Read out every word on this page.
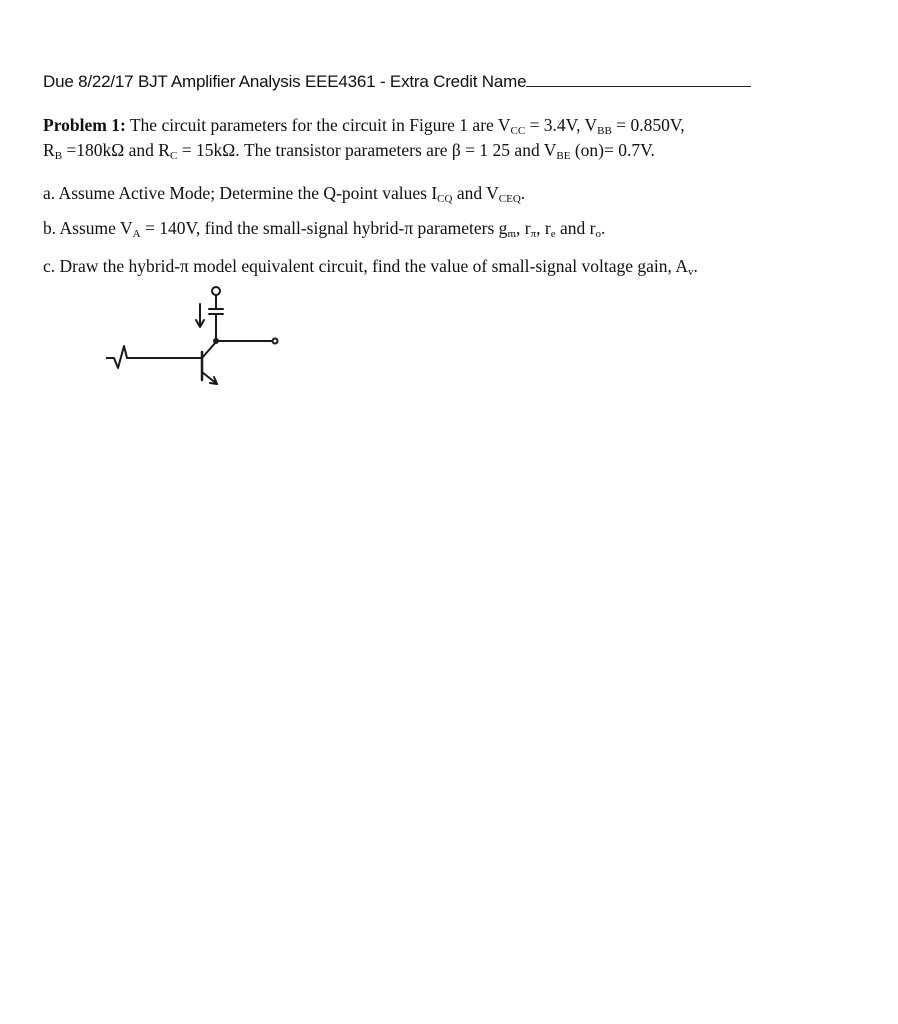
Due 8/22/17 BJT Amplifier Analysis EEE4361 - Extra Credit Name
Problem 1: The circuit parameters for the circuit in Figure 1 are $V_{CC} = 3.4V$, $V_{BB} = 0.850V$,
$R_B =180k\Omega$ and $R_C = 15k\Omega$. The transistor parameters are β = 1 25 and $V_{BE}$ (on)= 0.7V.
a. Assume Active Mode; Determine the Q-point values $I_{CQ}$ and $V_{CEQ}$.
b. Assume $V_A = 140V$, find the small-signal hybrid-π parameters $g_m$, $r_\pi$, $r_e$ and $r_o$.
c. Draw the hybrid-π model equivalent circuit, find the value of small-signal voltage gain, $A_v$.
